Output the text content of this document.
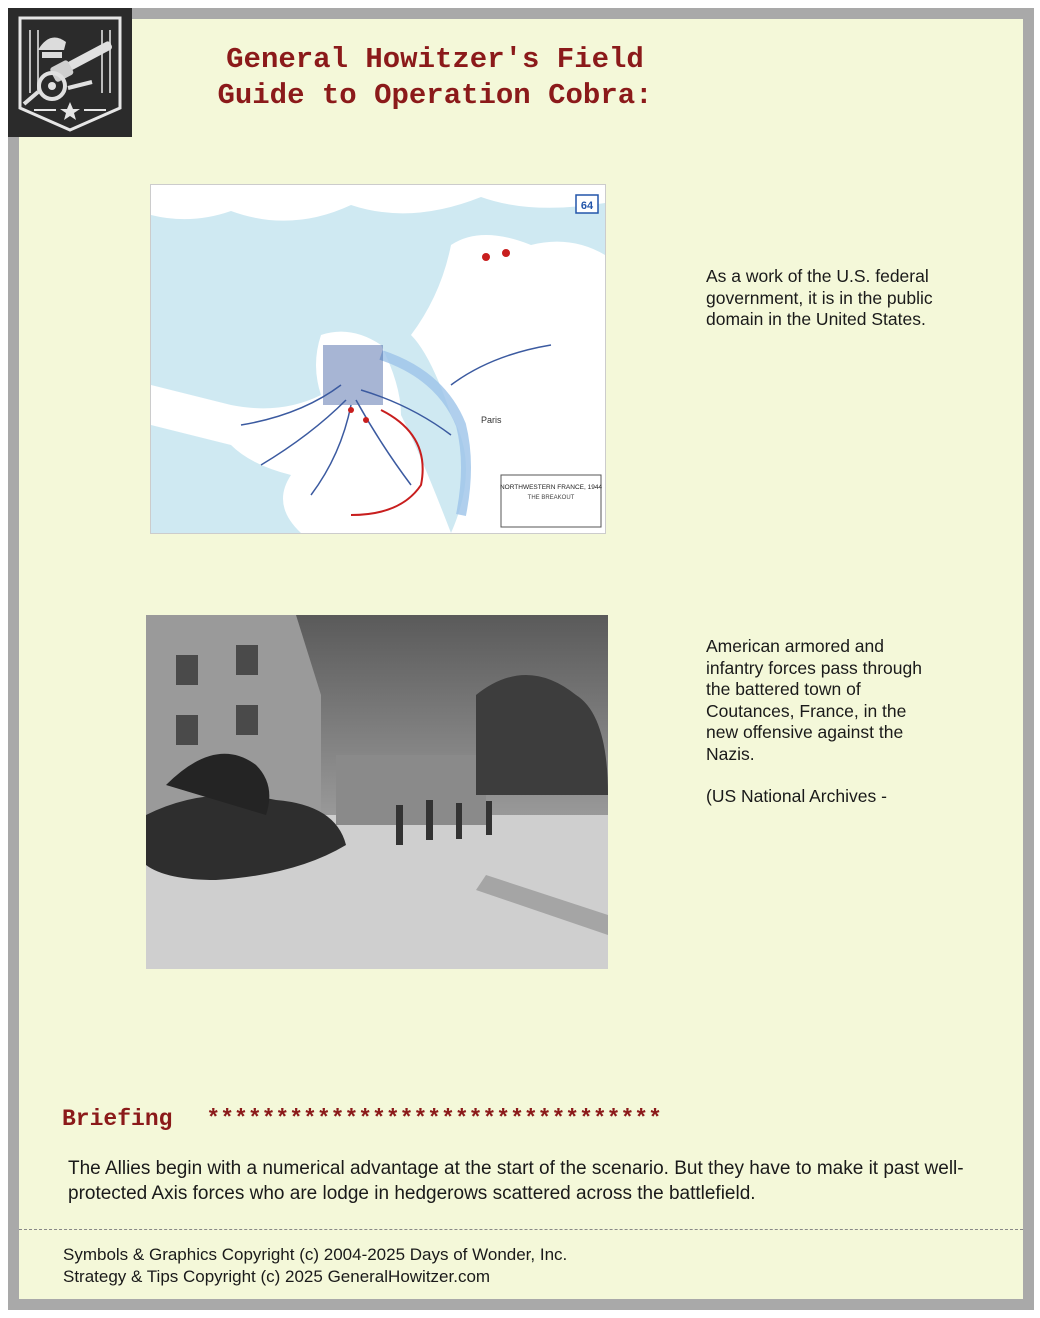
General Howitzer's Field
Guide to Operation Cobra:
64
Paris
NORTHWESTERN FRANCE, 1944
THE BREAKOUT
As a work of the U.S. federal government, it is in the public domain in the United States.

American armored and infantry forces pass through the battered town of Coutances, France, in the new offensive against the Nazis.

(US National Archives -

Briefing *********************************

The Allies begin with a numerical advantage at the start of the scenario. But they have to make it past well-protected Axis forces who are lodge in hedgerows scattered across the battlefield.

Symbols & Graphics Copyright (c) 2004-2025 Days of Wonder, Inc.
Strategy & Tips Copyright (c) 2025 GeneralHowitzer.com
